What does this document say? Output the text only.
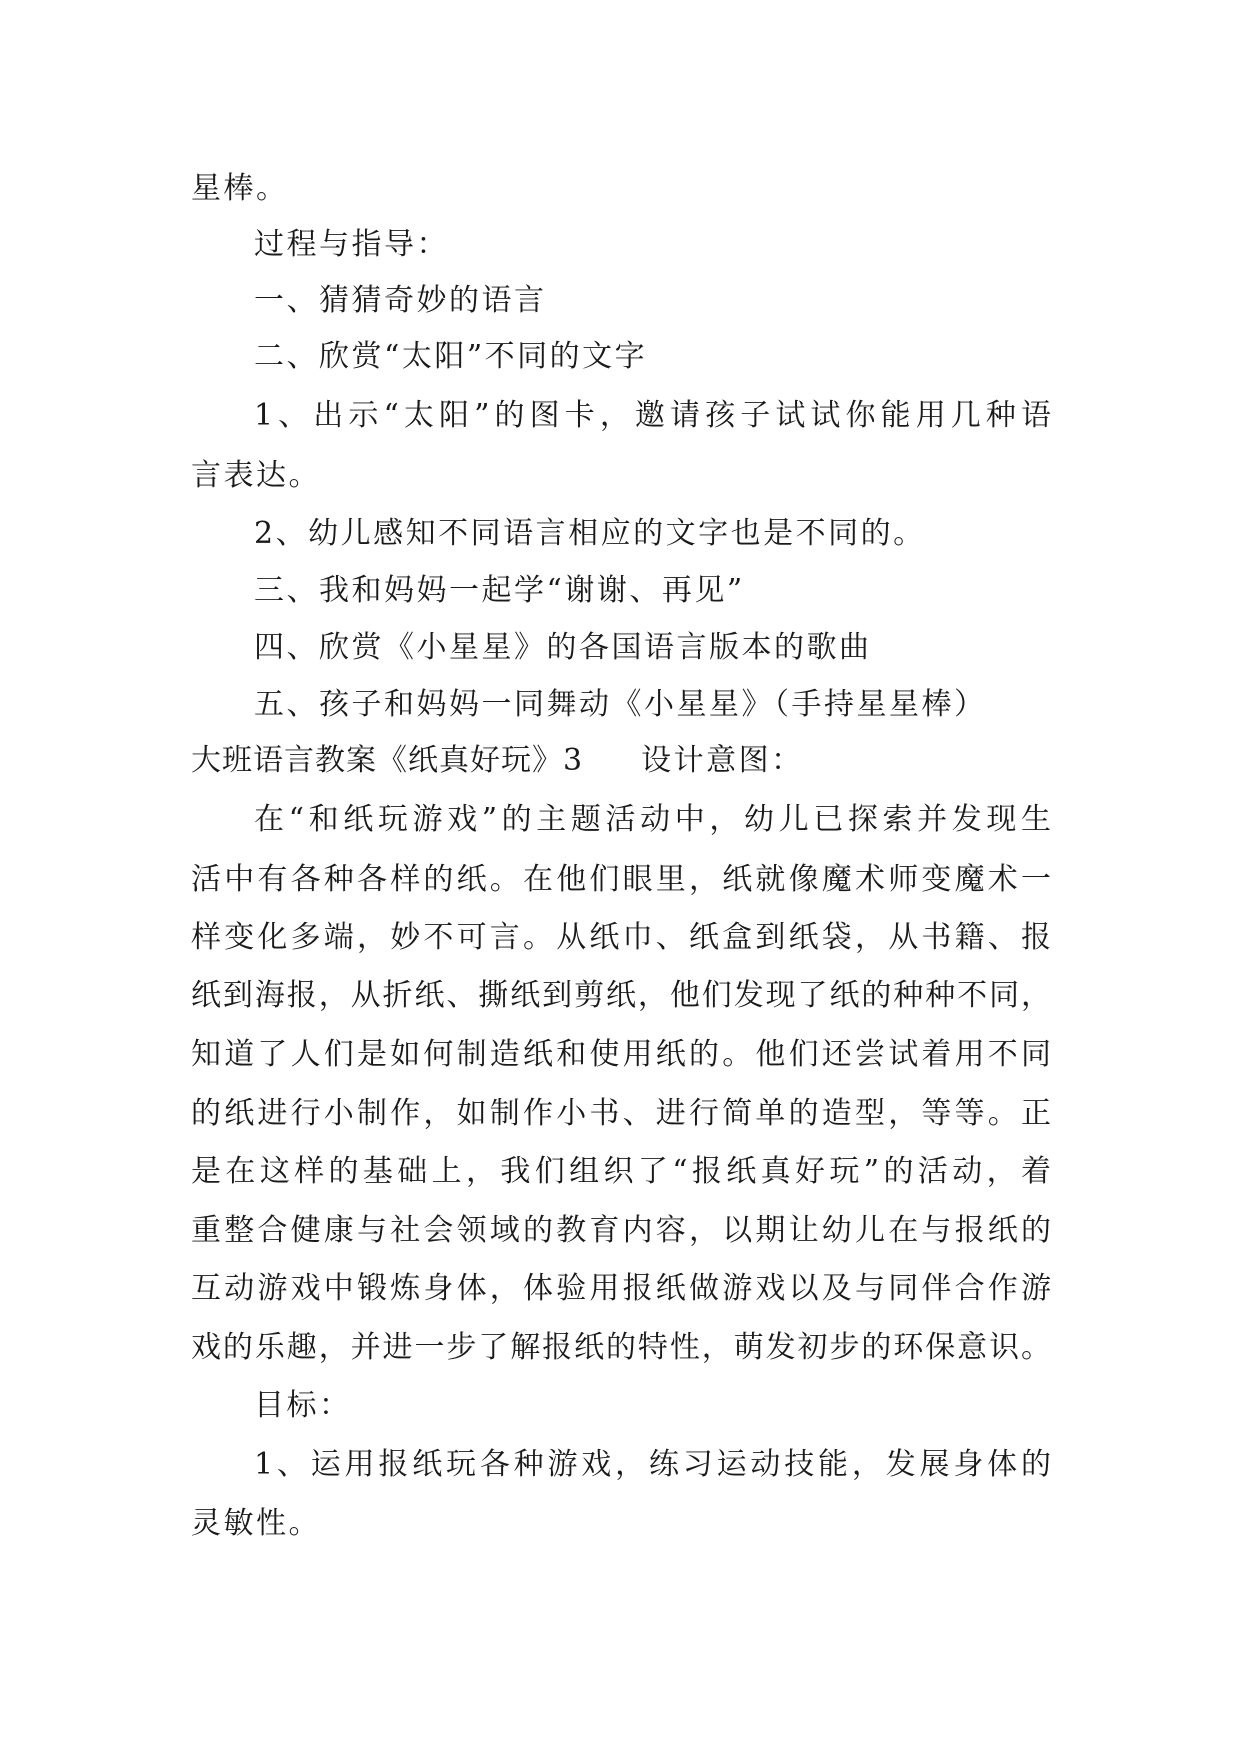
星棒。
过程与指导：
一、猜猜奇妙的语言
二、欣赏“太阳”不同的文字
1、出示“太阳”的图卡，邀请孩子试试你能用几种语
言表达。
2、幼儿感知不同语言相应的文字也是不同的。
三、我和妈妈一起学“谢谢、再见”
四、欣赏《小星星》的各国语言版本的歌曲
五、孩子和妈妈一同舞动《小星星》（手持星星棒）
大班语言教案《纸真好玩》3 设计意图：
在“和纸玩游戏”的主题活动中，幼儿已探索并发现生
活中有各种各样的纸。在他们眼里，纸就像魔术师变魔术一
样变化多端，妙不可言。从纸巾、纸盒到纸袋，从书籍、报
纸到海报，从折纸、撕纸到剪纸，他们发现了纸的种种不同，
知道了人们是如何制造纸和使用纸的。他们还尝试着用不同
的纸进行小制作，如制作小书、进行简单的造型，等等。正
是在这样的基础上，我们组织了“报纸真好玩”的活动，着
重整合健康与社会领域的教育内容，以期让幼儿在与报纸的
互动游戏中锻炼身体，体验用报纸做游戏以及与同伴合作游
戏的乐趣，并进一步了解报纸的特性，萌发初步的环保意识。
目标：
1、运用报纸玩各种游戏，练习运动技能，发展身体的
灵敏性。
